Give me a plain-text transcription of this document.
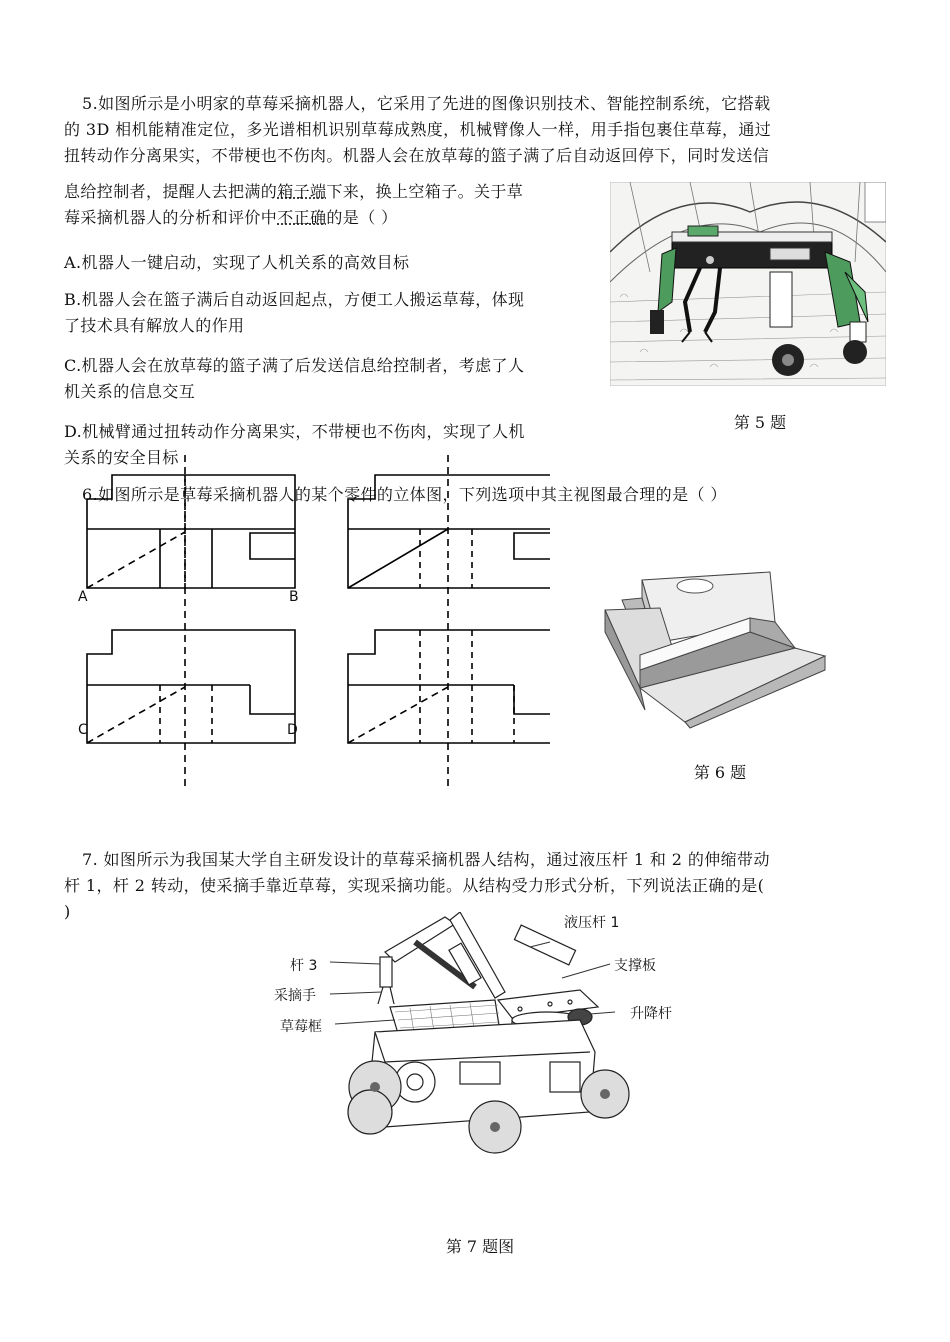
5.如图所示是小明家的草莓采摘机器人，它采用了先进的图像识别技术、智能控制系统，它搭载
的 3D 相机能精准定位，多光谱相机识别草莓成熟度，机械臂像人一样，用手指包裹住草莓，通过
扭转动作分离果实，不带梗也不伤肉。机器人会在放草莓的篮子满了后自动返回停下，同时发送信
息给控制者，提醒人去把满的箱子端下来，换上空箱子。关于草
莓采摘机器人的分析和评价中不正确的是（ ）
A.机器人一键启动，实现了人机关系的高效目标
B.机器人会在篮子满后自动返回起点，方便工人搬运草莓，体现
了技术具有解放人的作用
C.机器人会在放草莓的篮子满了后发送信息给控制者，考虑了人
机关系的信息交互
D.机械臂通过扭转动作分离果实，不带梗也不伤肉，实现了人机
关系的安全目标
第 5 题
6.如图所示是草莓采摘机器人的某个零件的立体图，下列选项中其主视图最合理的是（ ）
A	B
C	D
第 6 题
7. 如图所示为我国某大学自主研发设计的草莓采摘机器人结构，通过液压杆 1 和 2 的伸缩带动
杆 1，杆 2 转动，使采摘手靠近草莓，实现采摘功能。从结构受力形式分析，下列说法正确的是(
)
液压杆 1
杆 3	支撑板
采摘手
升降杆
草莓框
第 7 题图
